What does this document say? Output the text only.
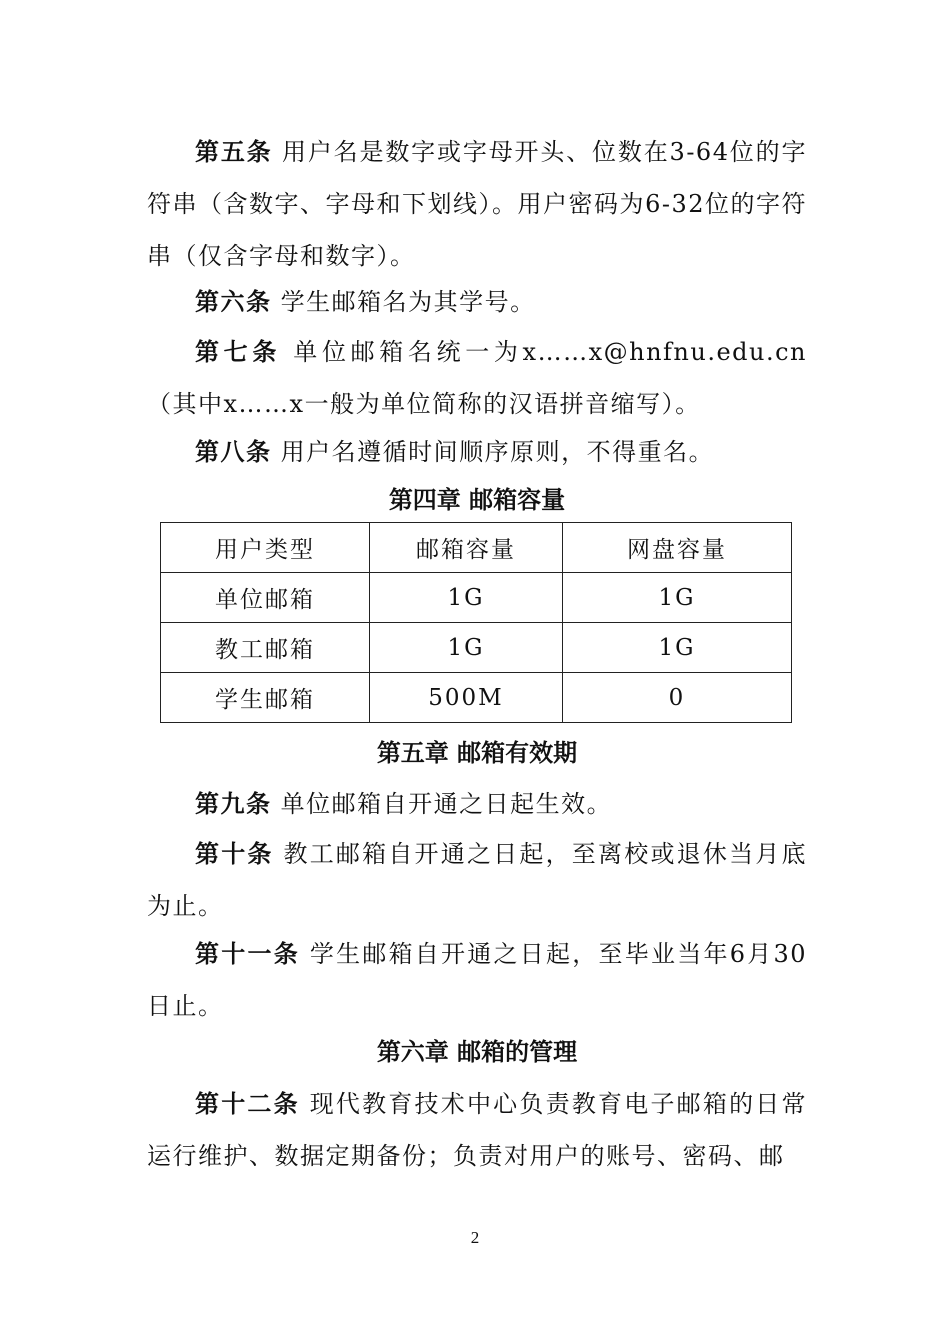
第五条 用户名是数字或字母开头、位数在3-64位的字符串（含数字、字母和下划线）。用户密码为6-32位的字符串（仅含字母和数字）。
第六条 学生邮箱名为其学号。
第七条 单位邮箱名统一为x……x@hnfnu.edu.cn（其中x……x一般为单位简称的汉语拼音缩写）。
第八条 用户名遵循时间顺序原则，不得重名。
第四章 邮箱容量
用户类型	邮箱容量	网盘容量
单位邮箱	1G	1G
教工邮箱	1G	1G
学生邮箱	500M	0
第五章 邮箱有效期
第九条 单位邮箱自开通之日起生效。
第十条 教工邮箱自开通之日起，至离校或退休当月底为止。
第十一条 学生邮箱自开通之日起，至毕业当年6月30日止。
第六章 邮箱的管理
第十二条 现代教育技术中心负责教育电子邮箱的日常运行维护、数据定期备份；负责对用户的账号、密码、邮
2
